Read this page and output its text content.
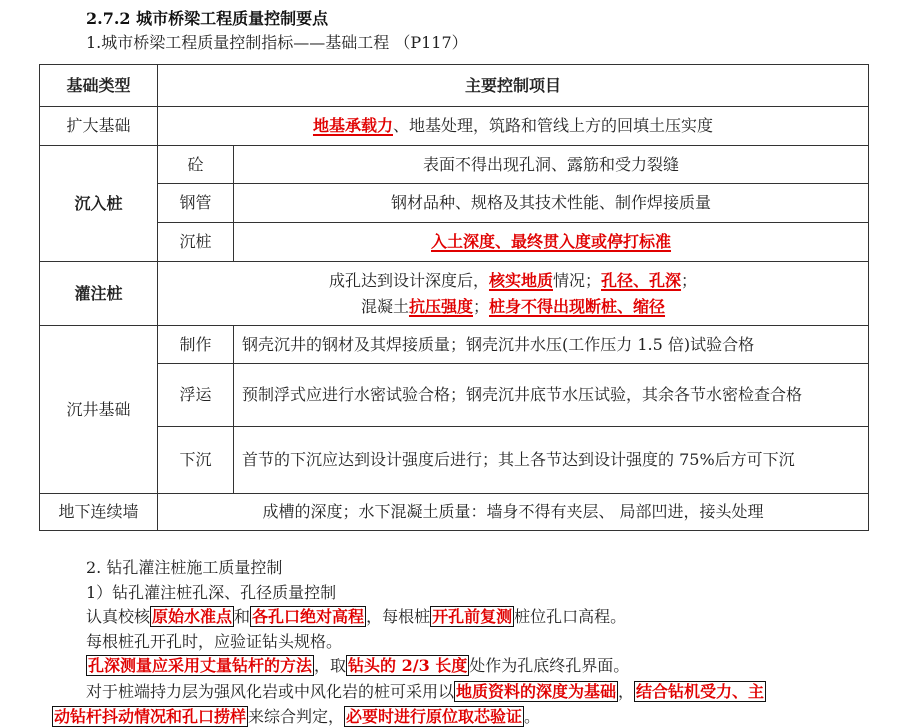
2.7.2 城市桥梁工程质量控制要点
1.城市桥梁工程质量控制指标——基础工程 （P117）
基础类型	主要控制项目	
扩大基础	地基承载力、地基处理，筑路和管线上方的回填土压实度	
沉入桩	砼	表面不得出现孔洞、露筋和受力裂缝
	钢管	钢材品种、规格及其技术性能、制作焊接质量
	沉桩	入土深度、最终贯入度或停打标准
灌注桩	成孔达到设计深度后，核实地质情况；孔径、孔深；
混凝土抗压强度；桩身不得出现断桩、缩径	

沉井基础	制作	钢壳沉井的钢材及其焊接质量；钢壳沉井水压(工作压力 1.5 倍)试验合格
	浮运	预制浮式应进行水密试验合格；钢壳沉井底节水压试验，其余各节水密检查合格
	下沉	首节的下沉应达到设计强度后进行；其上各节达到设计强度的 75%后方可下沉
地下连续墙	成槽的深度；水下混凝土质量：墙身不得有夹层、 局部凹进，接头处理	
2. 钻孔灌注桩施工质量控制
1）钻孔灌注桩孔深、孔径质量控制
认真校核 原始水准点 和 各孔口绝对高程 ，每根桩 开孔前复测 桩位孔口高程。
每根桩孔开孔时，应验证钻头规格。
孔深测量应采用丈量钻杆的方法 ，取 钻头的 2/3 长度 处作为孔底终孔界面。
对于桩端持力层为强风化岩或中风化岩的桩可采用以 地质资料的深度为基础 ， 结合钻机受力、主
动钻杆抖动情况和孔口捞样 来综合判定， 必要时进行原位取芯验证 。
